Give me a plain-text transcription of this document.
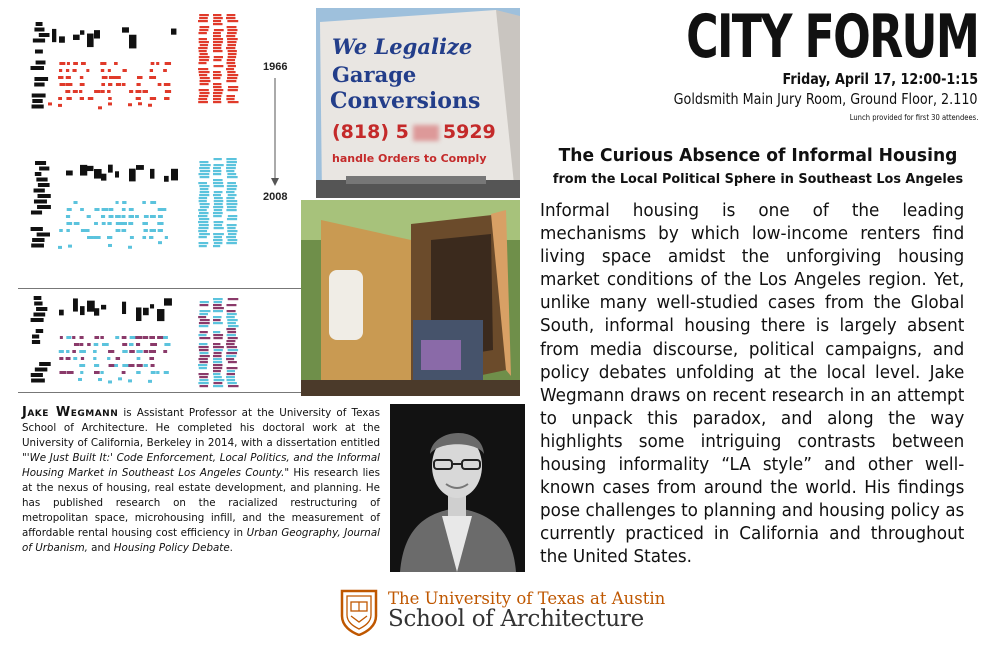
1966
2008
We Legalize
Garage
Conversions
(818) 5 5929
handle Orders to Comply
CITY FORUM
Friday, April 17, 12:00-1:15
Goldsmith Main Jury Room, Ground Floor, 2.110
Lunch provided for first 30 attendees.
The Curious Absence of Informal Housing
from the Local Political Sphere in Southeast Los Angeles
Informal housing is one of the leading mechanisms by which low-income renters find living space amidst the unforgiving housing market conditions of the Los Angeles region. Yet, unlike many well-studied cases from the Global South, informal housing there is largely absent from media discourse, political campaigns, and policy debates unfolding at the local level. Jake Wegmann draws on recent research in an attempt to unpack this paradox, and along the way highlights some intriguing contrasts between housing informality “LA style” and other well-known cases from around the world. His findings pose challenges to planning and housing policy as currently practiced in California and throughout the United States.
Jake Wegmann is Assistant Professor at the University of Texas School of Architecture. He completed his doctoral work at the University of California, Berkeley in 2014, with a dissertation entitled "'We Just Built It:' Code Enforcement, Local Politics, and the Informal Housing Market in Southeast Los Angeles County." His research lies at the nexus of housing, real estate development, and planning. He has published research on the racialized restructuring of metropolitan space, microhousing infill, and the measurement of affordable rental housing cost efficiency in Urban Geography, Journal of Urbanism, and Housing Policy Debate.
The University of Texas at Austin
School of Architecture
